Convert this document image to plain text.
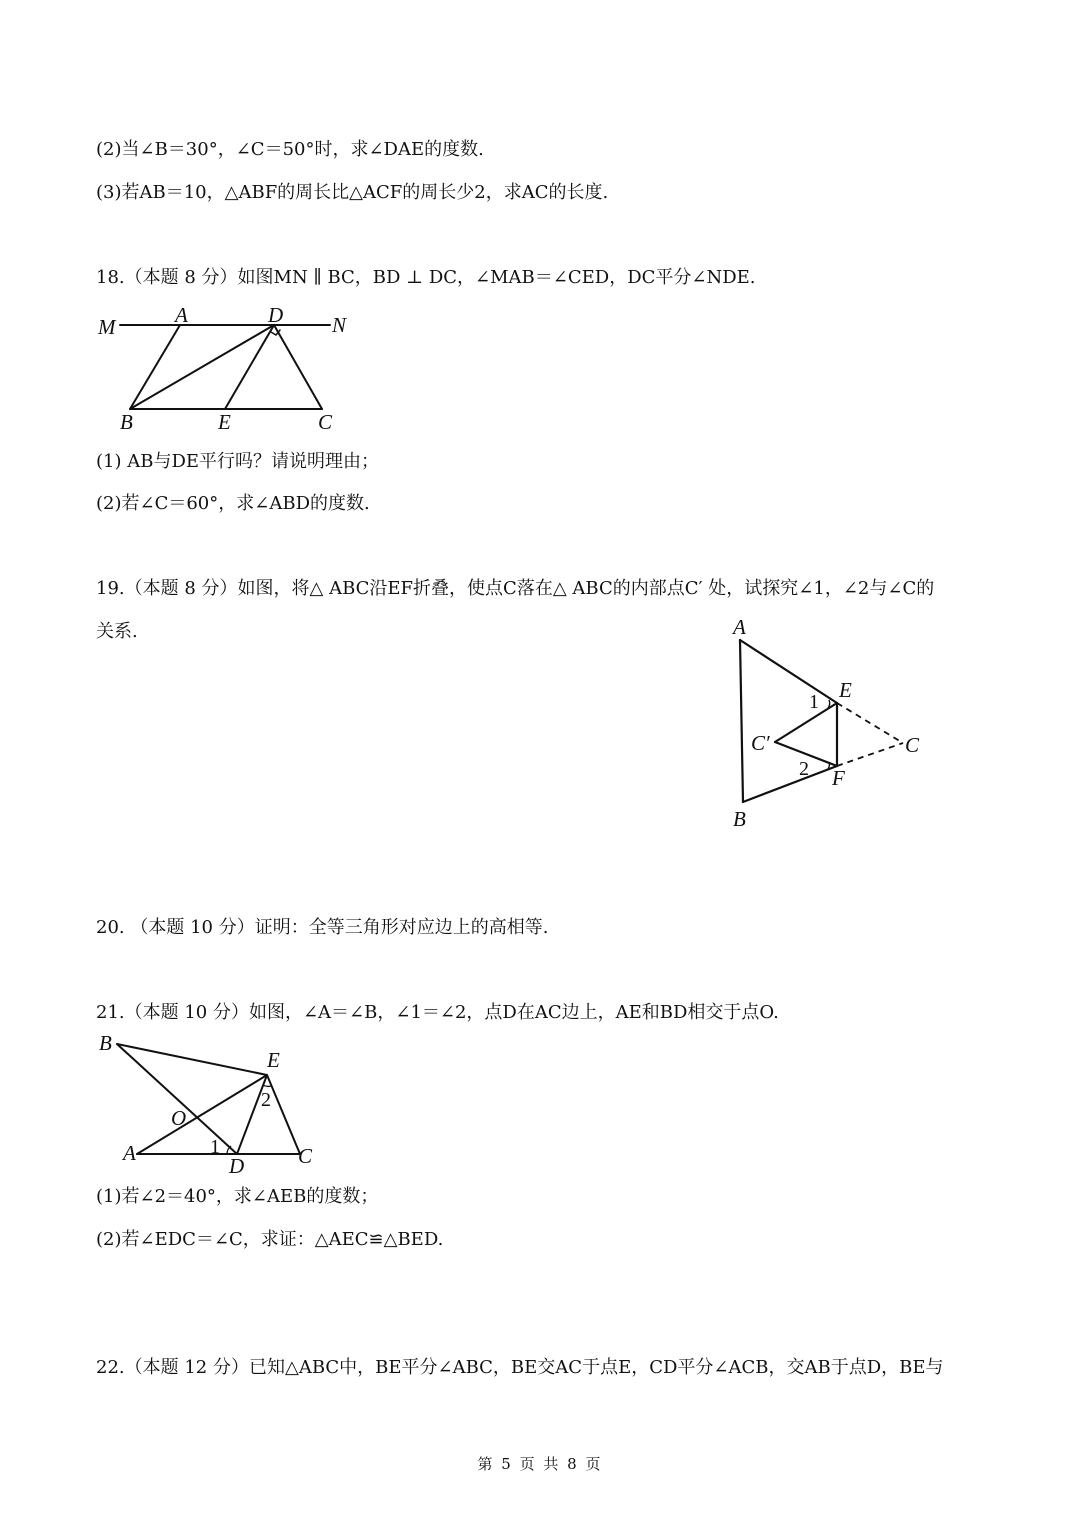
(2)当∠B＝30°，∠C＝50°时，求∠DAE的度数.
(3)若AB＝10，△ABF的周长比△ACF的周长少2，求AC的长度.
18.（本题 8 分）如图MN ∥ BC，BD ⊥ DC，∠MAB＝∠CED，DC平分∠NDE.
M	A	D N
B	E	C
(1) AB与DE平行吗？请说明理由；
(2)若∠C＝60°，求∠ABD的度数.
19.（本题 8 分）如图，将△ ABC沿EF折叠，使点C落在△ ABC的内部点C′ 处，试探究∠1，∠2与∠C的
关系.	A
1 E
C′	C
2 F
B
20. （本题 10 分）证明：全等三角形对应边上的高相等.
21.（本题 10 分）如图，∠A＝∠B，∠1＝∠2，点D在AC边上，AE和BD相交于点O.
B
E
2
O
1
A
D	C
(1)若∠2＝40°，求∠AEB的度数；
(2)若∠EDC＝∠C，求证：△AEC≌△BED.
22.（本题 12 分）已知△ABC中，BE平分∠ABC，BE交AC于点E，CD平分∠ACB，交AB于点D，BE与
第 5 页 共 8 页
